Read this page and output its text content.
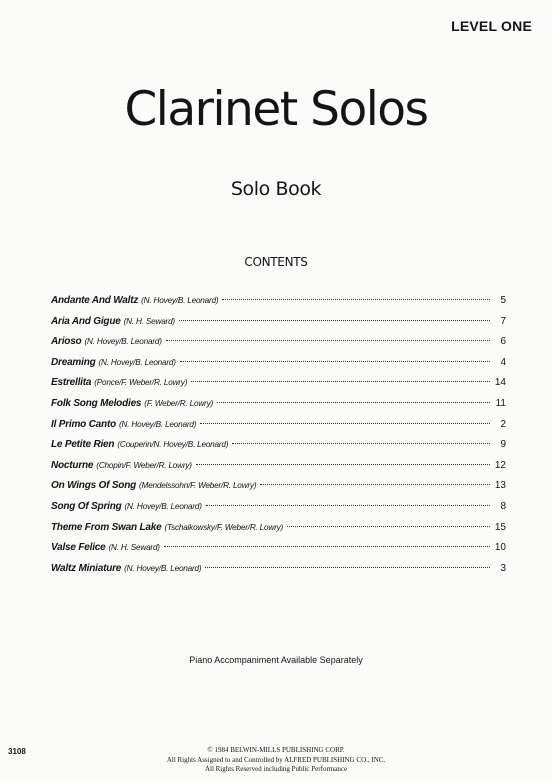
LEVEL ONE
Clarinet Solos
Solo Book
CONTENTS
Andante And Waltz (N. Hovey/B. Leonard)	5
Aria And Gigue (N. H. Seward)	7
Arioso (N. Hovey/B. Leonard)	6
Dreaming (N. Hovey/B. Leonard)	4
Estrellita (Ponce/F. Weber/R. Lowry)	14
Folk Song Melodies (F. Weber/R. Lowry)	11
Il Primo Canto (N. Hovey/B. Leonard)	2
Le Petite Rien (Couperin/N. Hovey/B. Leonard)	9
Nocturne (Chopin/F. Weber/R. Lowry)	12
On Wings Of Song (Mendelssohn/F. Weber/R. Lowry)	13
Song Of Spring (N. Hovey/B. Leonard)	8
Theme From Swan Lake (Tschaikowsky/F. Weber/R. Lowry)	15
Valse Felice (N. H. Seward)	10
Waltz Miniature (N. Hovey/B. Leonard)	3
Piano Accompaniment Available Separately
3108	© 1984 BELWIN-MILLS PUBLISHING CORP.
All Rights Assigned to and Controlled by ALFRED PUBLISHING CO., INC.
All Rights Reserved including Public Performance
